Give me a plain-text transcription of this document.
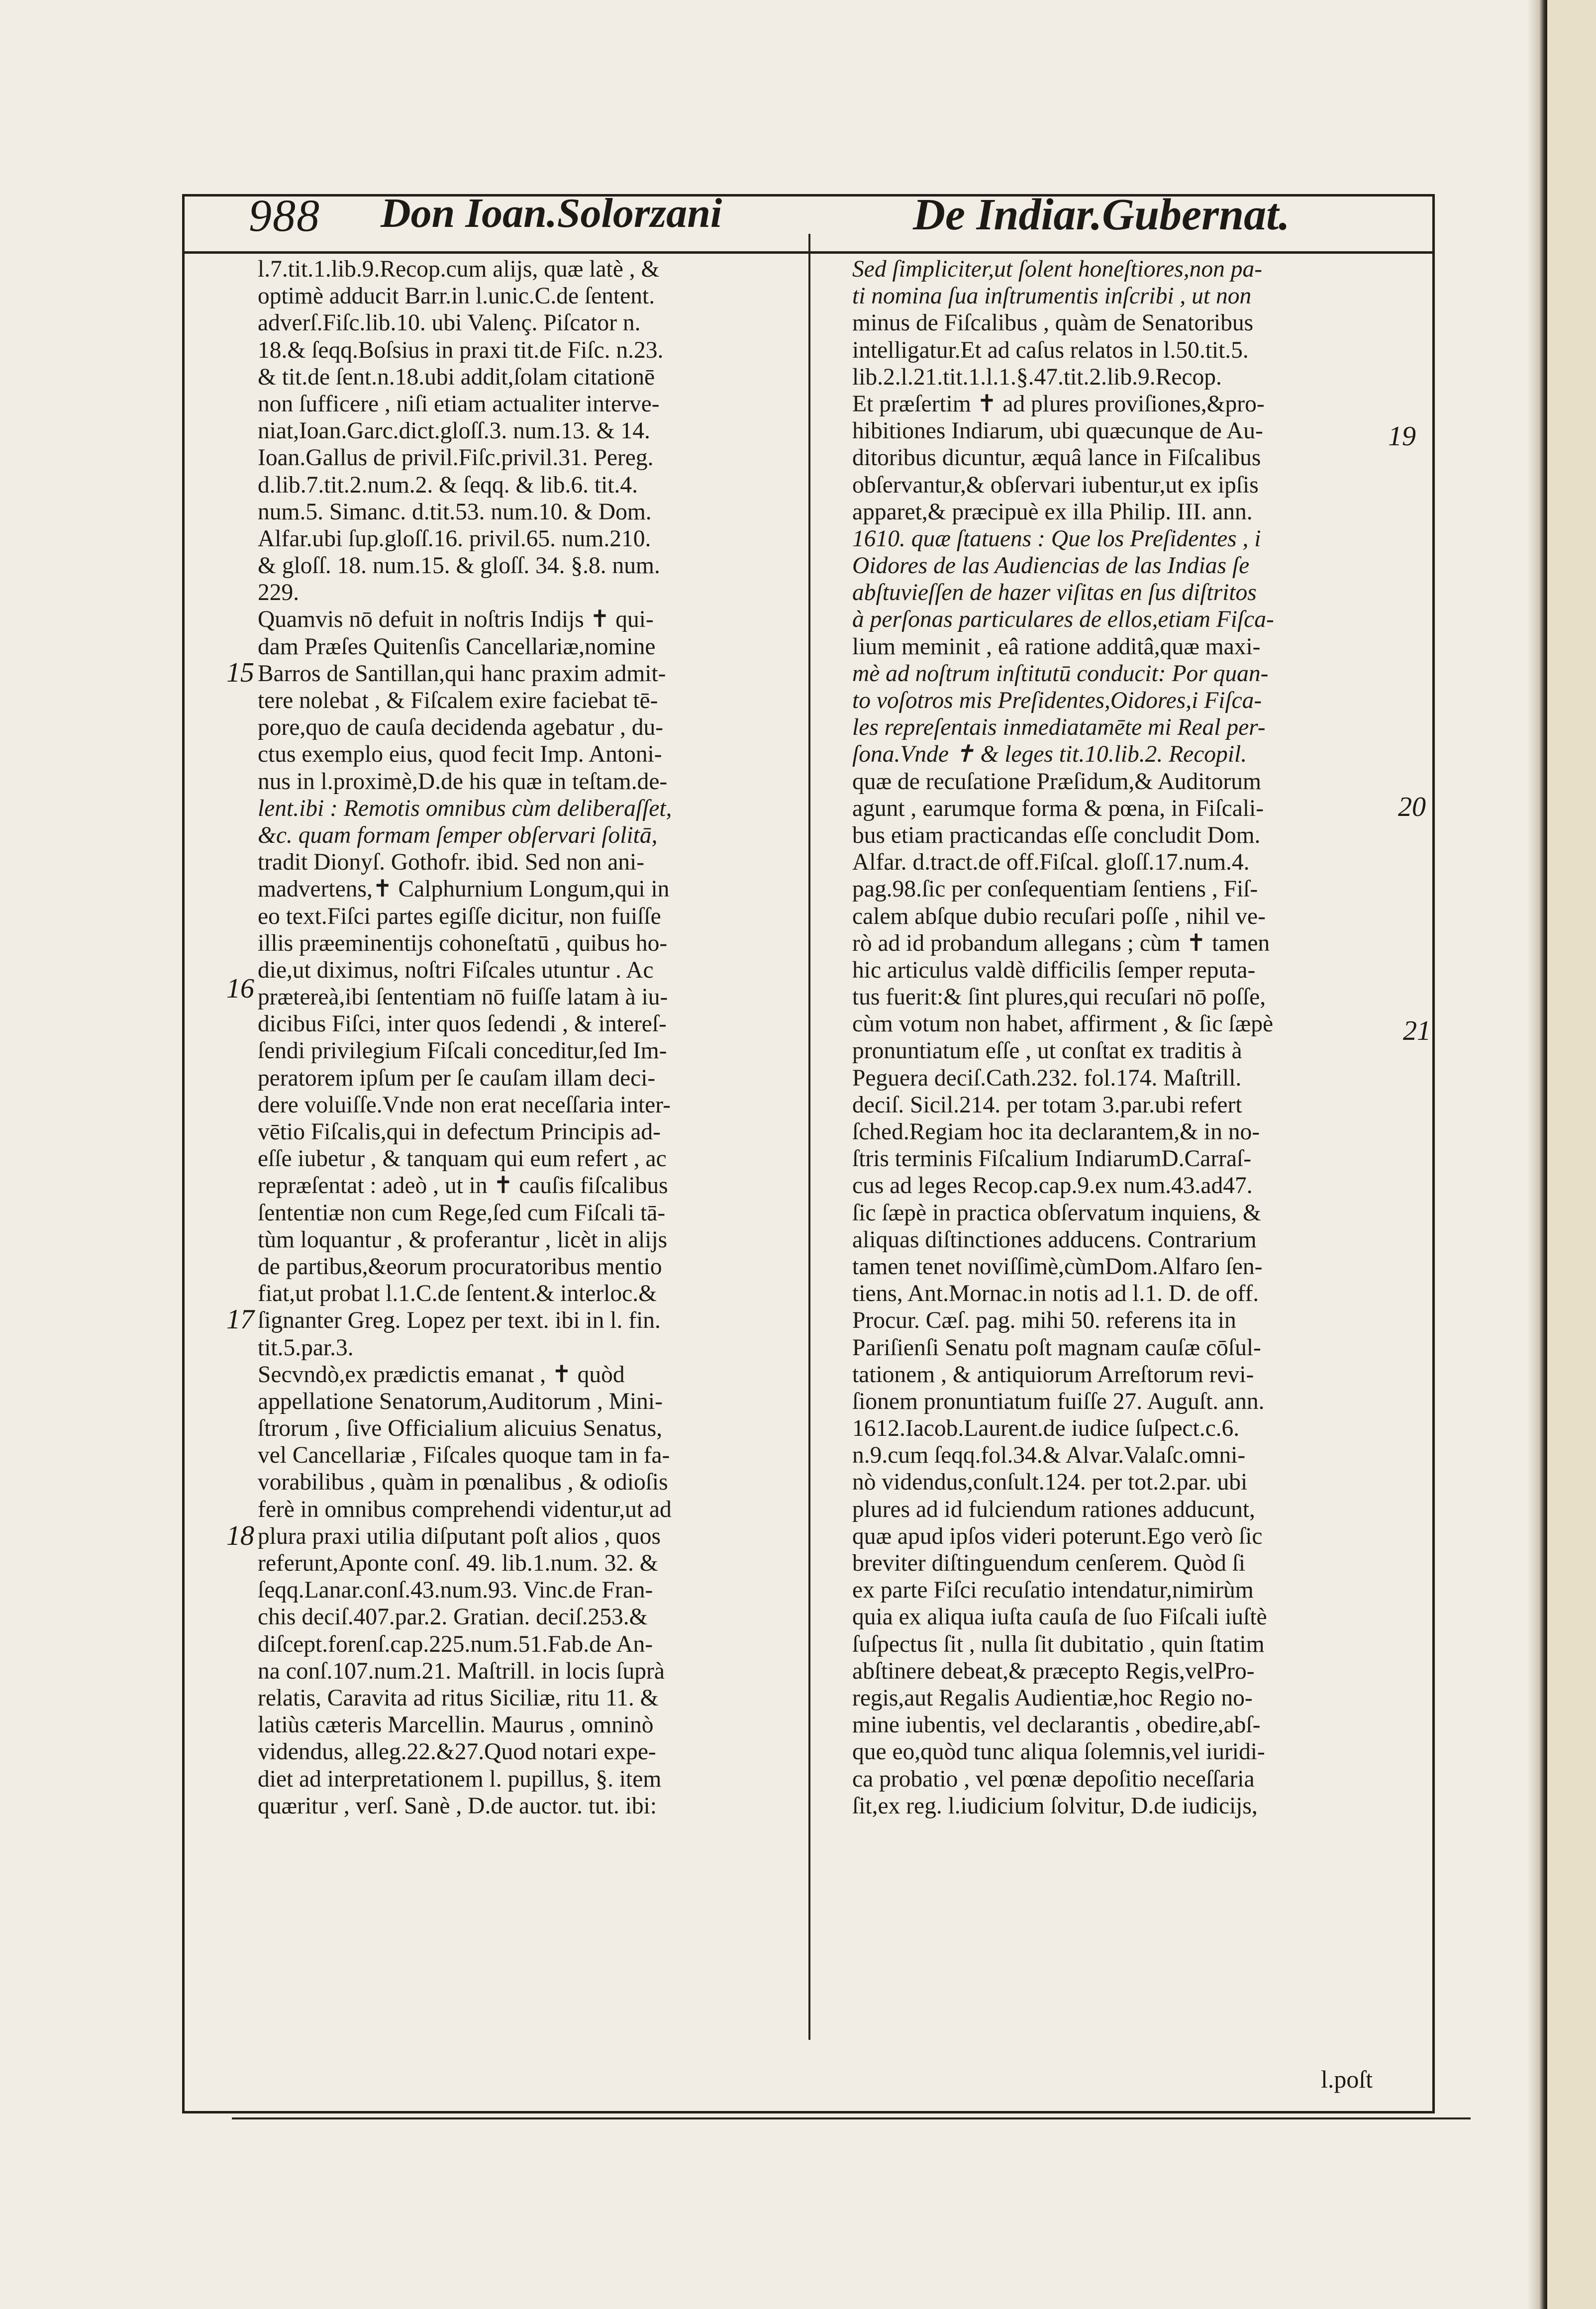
988 Don Ioan.Solorzani	De Indiar.Gubernat.
l.7.tit.1.lib.9.Recop.cum alijs, quæ latè , &
optimè adducit Barr.in l.unic.C.de ſentent.
adverſ.Fiſc.lib.10. ubi Valenç. Piſcator n.
18.& ſeqq.Boſsius in praxi tit.de Fiſc. n.23.
& tit.de ſent.n.18.ubi addit,ſolam citationē
non ſufficere , niſi etiam actualiter interve-
niat,Ioan.Garc.dict.gloſſ.3. num.13. & 14.
Ioan.Gallus de privil.Fiſc.privil.31. Pereg.
d.lib.7.tit.2.num.2. & ſeqq. & lib.6. tit.4.
num.5. Simanc. d.tit.53. num.10. & Dom.
Alfar.ubi ſup.gloſſ.16. privil.65. num.210.
& gloſſ. 18. num.15. & gloſſ. 34. §.8. num.
229.
Quamvis nō defuit in noſtris Indijs ✝ qui-
dam Præſes Quitenſis Cancellariæ,nomine
Barros de Santillan,qui hanc praxim admit-
tere nolebat , & Fiſcalem exire faciebat tē-
pore,quo de cauſa decidenda agebatur , du-
ctus exemplo eius, quod fecit Imp. Antoni-
nus in l.proximè,D.de his quæ in teſtam.de-
lent.ibi : Remotis omnibus cùm deliberaſſet,
&c. quam formam ſemper obſervari ſolitā,
tradit Dionyſ. Gothofr. ibid. Sed non ani-
madvertens,✝ Calphurnium Longum,qui in
eo text.Fiſci partes egiſſe dicitur, non fuiſſe
illis præeminentijs cohoneſtatū , quibus ho-
die,ut diximus, noſtri Fiſcales utuntur . Ac
prætereà,ibi ſententiam nō fuiſſe latam à iu-
dicibus Fiſci, inter quos ſedendi , & intereſ-
ſendi privilegium Fiſcali conceditur,ſed Im-
peratorem ipſum per ſe cauſam illam deci-
dere voluiſſe.Vnde non erat neceſſaria inter-
vētio Fiſcalis,qui in defectum Principis ad-
eſſe iubetur , & tanquam qui eum refert , ac
repræſentat : adeò , ut in ✝ cauſis fiſcalibus
ſententiæ non cum Rege,ſed cum Fiſcali tā-
tùm loquantur , & proferantur , licèt in alijs
de partibus,&eorum procuratoribus mentio
fiat,ut probat l.1.C.de ſentent.& interloc.&
ſignanter Greg. Lopez per text. ibi in l. fin.
tit.5.par.3.
Secvndò,ex prædictis emanat , ✝ quòd
appellatione Senatorum,Auditorum , Mini-
ſtrorum , ſive Officialium alicuius Senatus,
vel Cancellariæ , Fiſcales quoque tam in fa-
vorabilibus , quàm in pœnalibus , & odioſis
ferè in omnibus comprehendi videntur,ut ad
plura praxi utilia diſputant poſt alios , quos
referunt,Aponte conſ. 49. lib.1.num. 32. &
ſeqq.Lanar.conſ.43.num.93. Vinc.de Fran-
chis deciſ.407.par.2. Gratian. deciſ.253.&
diſcept.forenſ.cap.225.num.51.Fab.de An-
na conſ.107.num.21. Maſtrill. in locis ſuprà
relatis, Caravita ad ritus Siciliæ, ritu 11. &
latiùs cæteris Marcellin. Maurus , omninò
videndus, alleg.22.&27.Quod notari expe-
diet ad interpretationem l. pupillus, §. item
quæritur , verſ. Sanè , D.de auctor. tut. ibi:
Sed ſimpliciter,ut ſolent honeſtiores,non pa-
ti nomina ſua inſtrumentis inſcribi , ut non
minus de Fiſcalibus , quàm de Senatoribus
intelligatur.Et ad caſus relatos in l.50.tit.5.
lib.2.l.21.tit.1.l.1.§.47.tit.2.lib.9.Recop.
Et præſertim ✝ ad plures proviſiones,&pro-
hibitiones Indiarum, ubi quæcunque de Au-
ditoribus dicuntur, æquâ lance in Fiſcalibus
obſervantur,& obſervari iubentur,ut ex ipſis
apparet,& præcipuè ex illa Philip. III. ann.
1610. quæ ſtatuens : Que los Preſidentes , i
Oidores de las Audiencias de las Indias ſe
abſtuvieſſen de hazer viſitas en ſus diſtritos
à perſonas particulares de ellos,etiam Fiſca-
lium meminit , eâ ratione additâ,quæ maxi-
mè ad noſtrum inſtitutū conducit: Por quan-
to voſotros mis Preſidentes,Oidores,i Fiſca-
les repreſentais inmediatamēte mi Real per-
ſona.Vnde ✝ & leges tit.10.lib.2. Recopil.
quæ de recuſatione Præſidum,& Auditorum
agunt , earumque forma & pœna, in Fiſcali-
bus etiam practicandas eſſe concludit Dom.
Alfar. d.tract.de off.Fiſcal. gloſſ.17.num.4.
pag.98.ſic per conſequentiam ſentiens , Fiſ-
calem abſque dubio recuſari poſſe , nihil ve-
rò ad id probandum allegans ; cùm ✝ tamen
hic articulus valdè difficilis ſemper reputa-
tus fuerit:& ſint plures,qui recuſari nō poſſe,
cùm votum non habet, affirment , & ſic ſæpè
pronuntiatum eſſe , ut conſtat ex traditis à
Peguera deciſ.Cath.232. fol.174. Maſtrill.
deciſ. Sicil.214. per totam 3.par.ubi refert
ſched.Regiam hoc ita declarantem,& in no-
ſtris terminis Fiſcalium IndiarumD.Carraſ-
cus ad leges Recop.cap.9.ex num.43.ad47.
ſic ſæpè in practica obſervatum inquiens, &
aliquas diſtinctiones adducens. Contrarium
tamen tenet noviſſimè,cùmDom.Alfaro ſen-
tiens, Ant.Mornac.in notis ad l.1. D. de off.
Procur. Cæſ. pag. mihi 50. referens ita in
Pariſienſi Senatu poſt magnam cauſæ cōſul-
tationem , & antiquiorum Arreſtorum revi-
ſionem pronuntiatum fuiſſe 27. Auguſt. ann.
1612.Iacob.Laurent.de iudice ſuſpect.c.6.
n.9.cum ſeqq.fol.34.& Alvar.Valaſc.omni-
nò videndus,conſult.124. per tot.2.par. ubi
plures ad id fulciendum rationes adducunt,
quæ apud ipſos videri poterunt.Ego verò ſic
breviter diſtinguendum cenſerem. Quòd ſi
ex parte Fiſci recuſatio intendatur,nimirùm
quia ex aliqua iuſta cauſa de ſuo Fiſcali iuſtè
ſuſpectus ſit , nulla ſit dubitatio , quin ſtatim
abſtinere debeat,& præcepto Regis,velPro-
regis,aut Regalis Audientiæ,hoc Regio no-
mine iubentis, vel declarantis , obedire,abſ-
que eo,quòd tunc aliqua ſolemnis,vel iuridi-
ca probatio , vel pœnæ depoſitio neceſſaria
ſit,ex reg. l.iudicium ſolvitur, D.de iudicijs,
15
16
17
18
19
20
21
l.poſt
